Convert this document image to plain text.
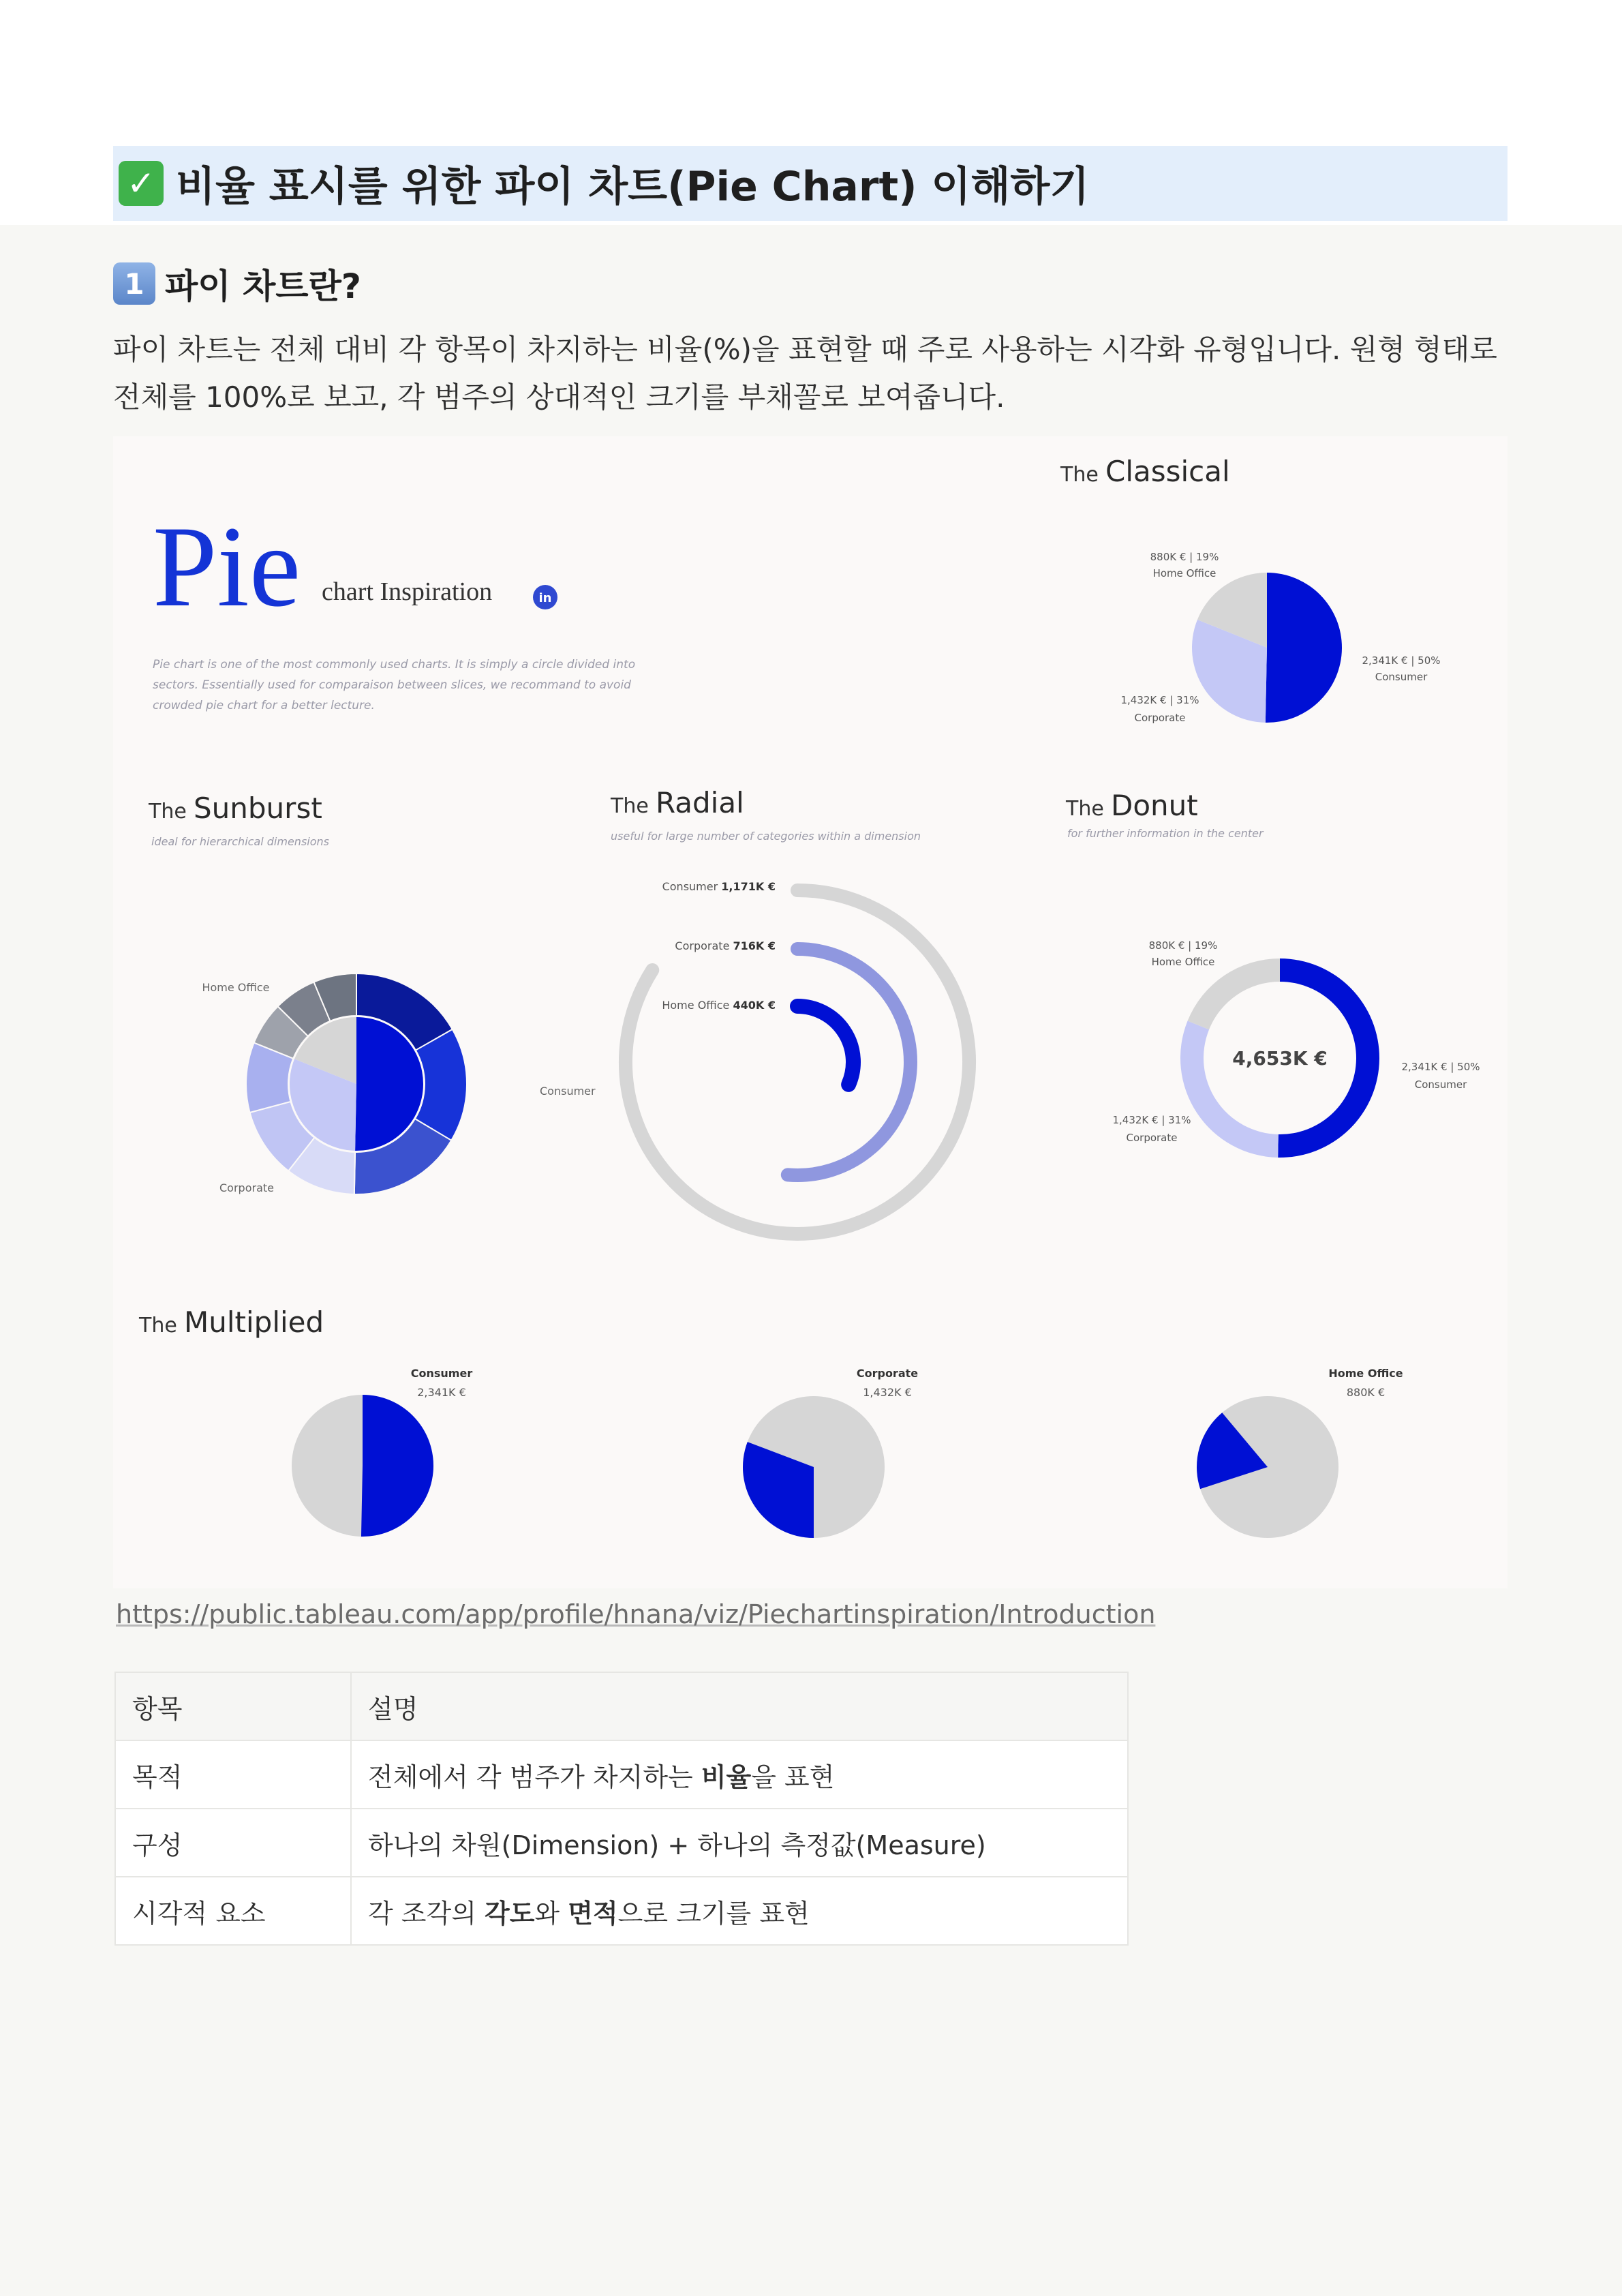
✓ 비율 표시를 위한 파이 차트(Pie Chart) 이해하기
1 파이 차트란?

파이 차트는 전체 대비 각 항목이 차지하는 비율(%)을 표현할 때 주로 사용하는 시각화 유형입니다. 원형 형태로

전체를 100%로 보고, 각 범주의 상대적인 크기를 부채꼴로 보여줍니다.

Pie chart Inspiration	in
Pie chart is one of the most commonly used charts. It is simply a circle divided into
sectors. Essentially used for comparaison between slices, we recommand to avoid
crowded pie chart for a better lecture.
The Classical
880K € | 19%
Home Office
2,341K € | 50%
Consumer
1,432K € | 31%
Corporate
The Sunburst
ideal for hierarchical dimensions
Home Office
Consumer
Corporate
The Radial
useful for large number of categories within a dimension
Consumer 1,171K €
Corporate 716K €
Home Office 440K €
The Donut
for further information in the center
4,653K €
880K € | 19%
Home Office
2,341K € | 50%
Consumer
1,432K € | 31%
Corporate
The Multiplied
Consumer
2,341K €
Corporate
1,432K €
Home Office
880K €
https://public.tableau.com/app/profile/hnana/viz/Piechartinspiration/Introduction
항목	설명
목적	전체에서 각 범주가 차지하는 비율을 표현
구성	하나의 차원(Dimension) + 하나의 측정값(Measure)
시각적 요소	각 조각의 각도와 면적으로 크기를 표현
